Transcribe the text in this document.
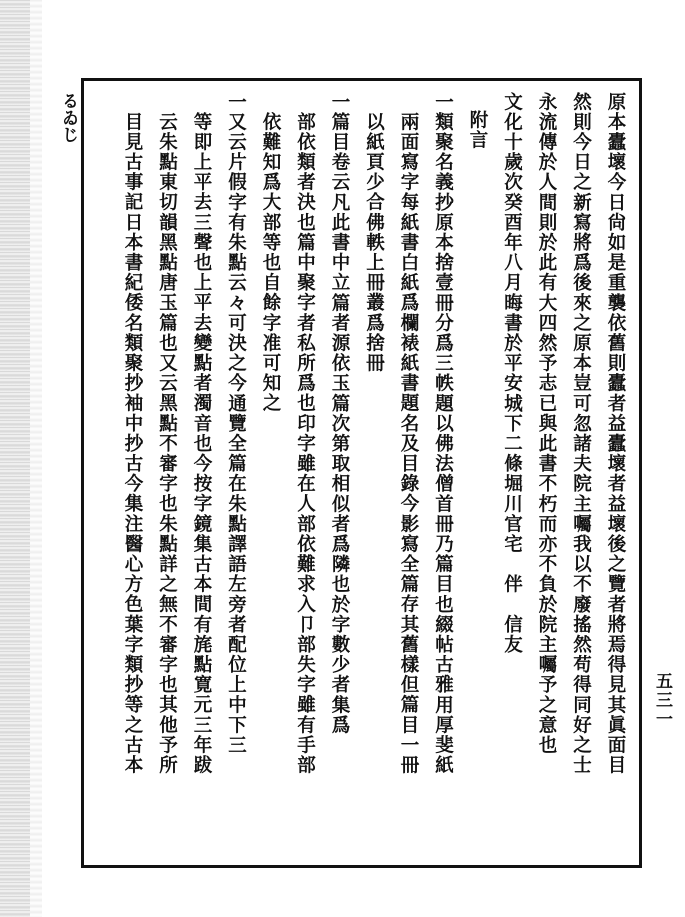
るゐじ
五三一
原本蠹壞今日尙如是重襲依舊則蠹者益蠹壞者益壞後之覽者將焉得見其眞面目
然則今日之新寫將爲後來之原本豈可忽諸夫院主囑我以不廢搖然苟得同好之士
永流傳於人間則於此有大四然予志已與此書不朽而亦不負於院主囑予之意也
文化十歲次癸酉年八月晦書於平安城下二條堀川官宅　伴　信友
附言
一類聚名義抄原本捨壹冊分爲三帙題以佛法僧首冊乃篇目也綴帖古雅用厚斐紙
兩面寫字每紙書白紙爲欄裱紙書題名及目錄今影寫全篇存其舊樣但篇目一冊
以紙頁少合佛軼上冊叢爲捨冊
一篇目卷云凡此書中立篇者源依玉篇次第取相似者爲隣也於字數少者集爲
部依類者決也篇中聚字者私所爲也印字雖在人部依難求入卩部失字雖有手部
依難知爲大部等也自餘字准可知之
一又云片假字有朱點云々可決之今通覽全篇在朱點譯語左旁者配位上中下三
等即上平去三聲也上平去變點者濁音也今按字鏡集古本間有旄點寛元三年跋
云朱點東切韻黑點唐玉篇也又云黑點不審字也朱點詳之無不審字也其他予所
目見古事記日本書紀倭名類聚抄袖中抄古今集注醫心方色葉字類抄等之古本
